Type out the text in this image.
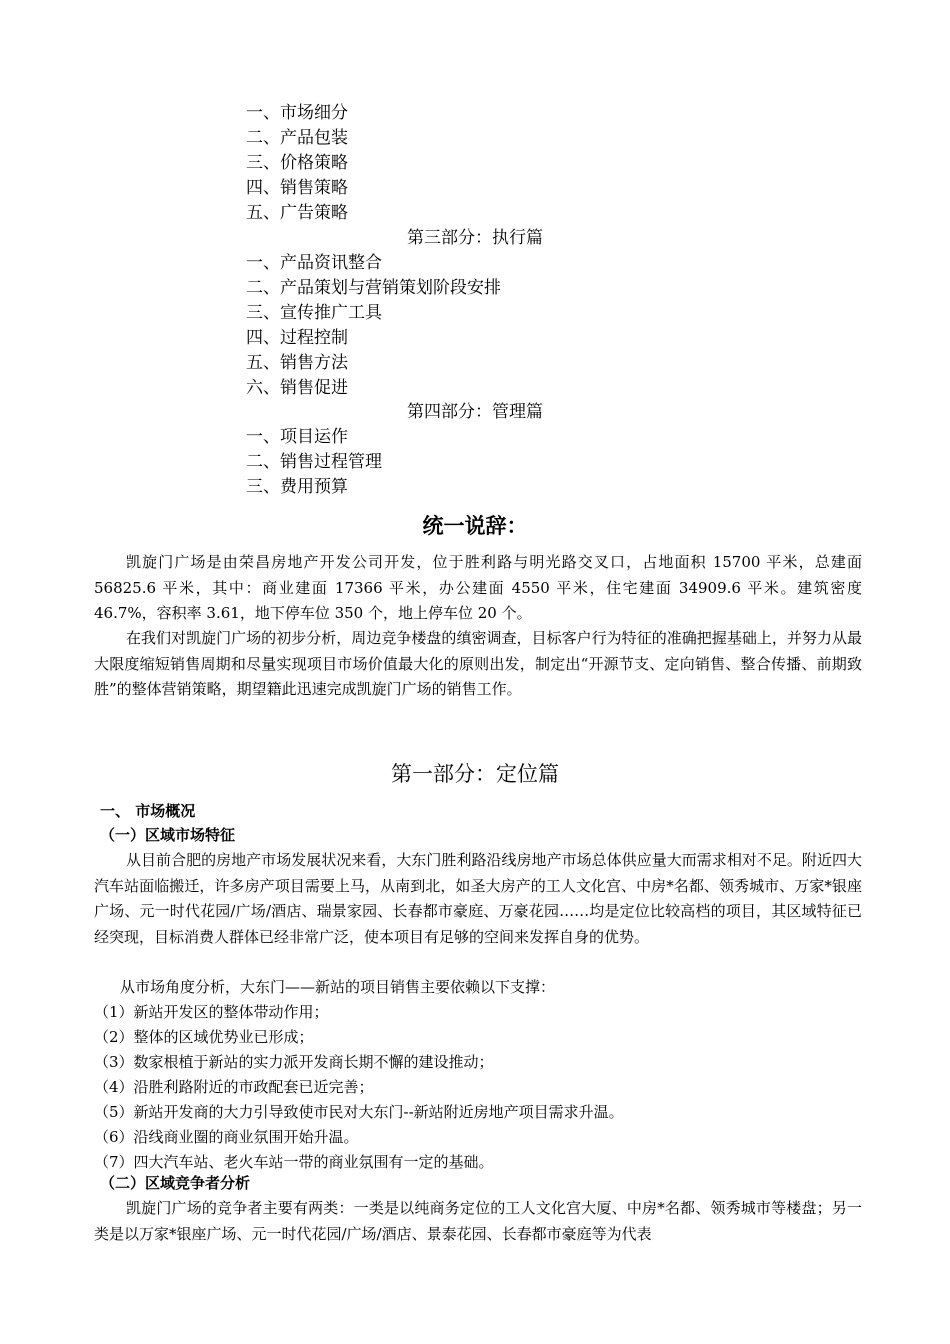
一、市场细分
二、产品包装
三、价格策略
四、销售策略
五、广告策略
第三部分：执行篇
一、产品资讯整合
二、产品策划与营销策划阶段安排
三、宣传推广工具
四、过程控制
五、销售方法
六、销售促进
第四部分：管理篇
一、项目运作
二、销售过程管理
三、费用预算
统一说辞：

凯旋门广场是由荣昌房地产开发公司开发，位于胜利路与明光路交叉口，占地面积 15700 平米，总建面 56825.6 平米，其中：商业建面 17366 平米，办公建面 4550 平米，住宅建面 34909.6 平米。建筑密度 46.7%，容积率 3.61，地下停车位 350 个，地上停车位 20 个。

在我们对凯旋门广场的初步分析，周边竞争楼盘的缜密调查，目标客户行为特征的准确把握基础上，并努力从最大限度缩短销售周期和尽量实现项目市场价值最大化的原则出发，制定出“开源节支、定向销售、整合传播、前期致胜”的整体营销策略，期望籍此迅速完成凯旋门广场的销售工作。

第一部分：定位篇
一、 市场概况
（一）区域市场特征

从目前合肥的房地产市场发展状况来看，大东门胜利路沿线房地产市场总体供应量大而需求相对不足。附近四大汽车站面临搬迁，许多房产项目需要上马，从南到北，如圣大房产的工人文化宫、中房*名都、领秀城市、万家*银座广场、元一时代花园/广场/酒店、瑞景家园、长春都市豪庭、万豪花园……均是定位比较高档的项目，其区域特征已经突现，目标消费人群体已经非常广泛，使本项目有足够的空间来发挥自身的优势。

从市场角度分析，大东门——新站的项目销售主要依赖以下支撑：

（1）新站开发区的整体带动作用；

（2）整体的区域优势业已形成；

（3）数家根植于新站的实力派开发商长期不懈的建设推动；

（4）沿胜利路附近的市政配套已近完善；

（5）新站开发商的大力引导致使市民对大东门--新站附近房地产项目需求升温。

（6）沿线商业圈的商业氛围开始升温。

（7）四大汽车站、老火车站一带的商业氛围有一定的基础。

（二）区域竞争者分析

凯旋门广场的竞争者主要有两类：一类是以纯商务定位的工人文化宫大厦、中房*名都、领秀城市等楼盘；另一类是以万家*银座广场、元一时代花园/广场/酒店、景泰花园、长春都市豪庭等为代表
